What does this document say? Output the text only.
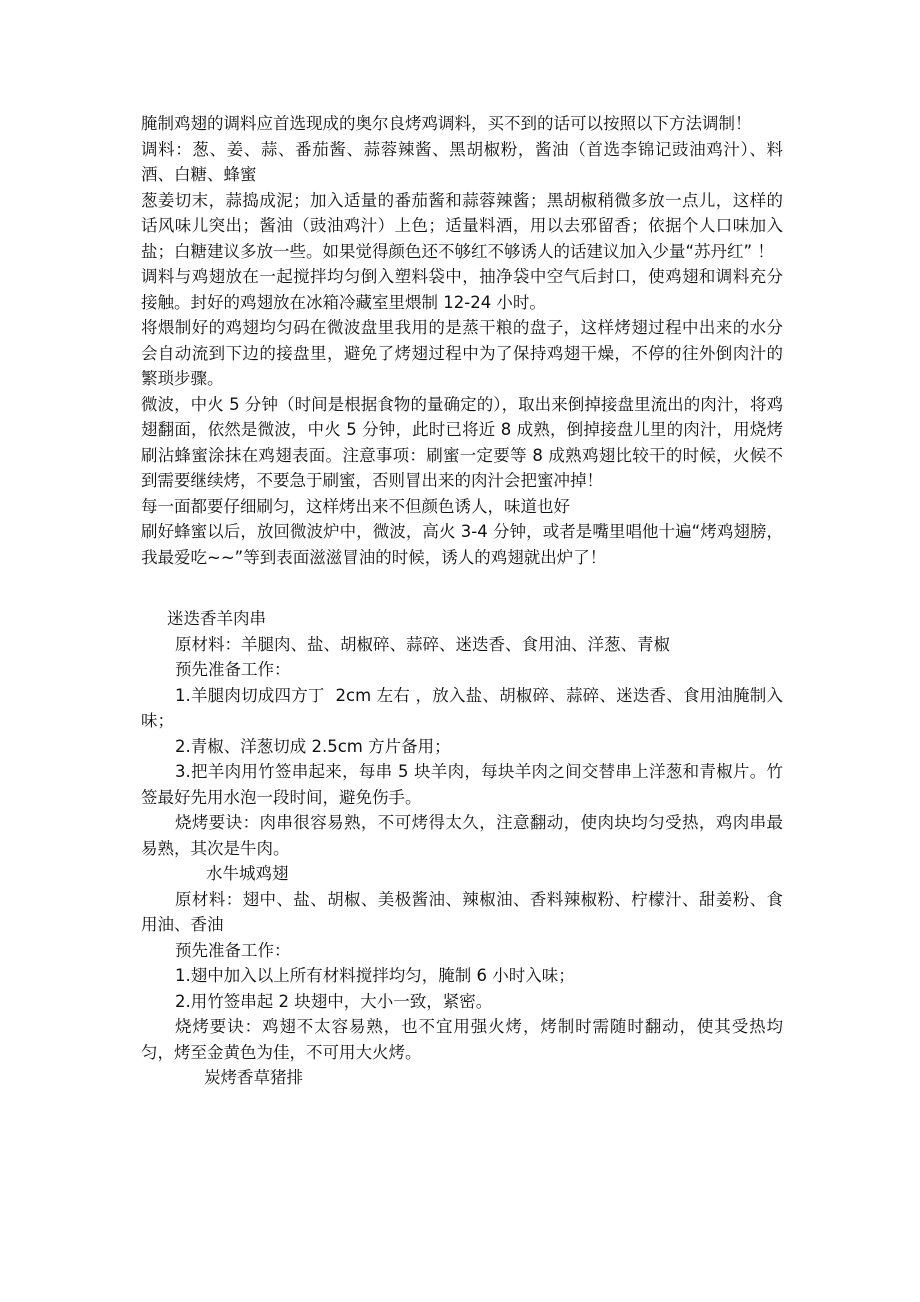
腌制鸡翅的调料应首选现成的奥尔良烤鸡调料，买不到的话可以按照以下方法调制！

调料：葱、姜、蒜、番茄酱、蒜蓉辣酱、黑胡椒粉，酱油（首选李锦记豉油鸡汁）、料酒、白糖、蜂蜜

葱姜切末，蒜捣成泥；加入适量的番茄酱和蒜蓉辣酱；黑胡椒稍微多放一点儿，这样的话风味儿突出；酱油（豉油鸡汁）上色；适量料酒，用以去邪留香；依据个人口味加入盐；白糖建议多放一些。如果觉得颜色还不够红不够诱人的话建议加入少量“苏丹红” ！

调料与鸡翅放在一起搅拌均匀倒入塑料袋中，抽净袋中空气后封口，使鸡翅和调料充分接触。封好的鸡翅放在冰箱冷藏室里煨制 12-24 小时。

将煨制好的鸡翅均匀码在微波盘里我用的是蒸干粮的盘子，这样烤翅过程中出来的水分会自动流到下边的接盘里，避免了烤翅过程中为了保持鸡翅干燥，不停的往外倒肉汁的繁琐步骤。

微波，中火 5 分钟（时间是根据食物的量确定的），取出来倒掉接盘里流出的肉汁，将鸡翅翻面，依然是微波，中火 5 分钟，此时已将近 8 成熟，倒掉接盘儿里的肉汁，用烧烤刷沾蜂蜜涂抹在鸡翅表面。注意事项：刷蜜一定要等 8 成熟鸡翅比较干的时候，火候不到需要继续烤，不要急于刷蜜，否则冒出来的肉汁会把蜜冲掉！

每一面都要仔细刷匀，这样烤出来不但颜色诱人，味道也好

刷好蜂蜜以后，放回微波炉中，微波，高火 3-4 分钟，或者是嘴里唱他十遍“烤鸡翅膀，我最爱吃~~”等到表面滋滋冒油的时候，诱人的鸡翅就出炉了！

迷迭香羊肉串

原材料：羊腿肉、盐、胡椒碎、蒜碎、迷迭香、食用油、洋葱、青椒

预先准备工作：

1.羊腿肉切成四方丁  2cm 左右 ，放入盐、胡椒碎、蒜碎、迷迭香、食用油腌制入味；

2.青椒、洋葱切成 2.5cm 方片备用；

3.把羊肉用竹签串起来，每串 5 块羊肉，每块羊肉之间交替串上洋葱和青椒片。竹签最好先用水泡一段时间，避免伤手。

烧烤要诀：肉串很容易熟，不可烤得太久，注意翻动，使肉块均匀受热，鸡肉串最易熟，其次是牛肉。

水牛城鸡翅

原材料：翅中、盐、胡椒、美极酱油、辣椒油、香料辣椒粉、柠檬汁、甜姜粉、食用油、香油

预先准备工作：

1.翅中加入以上所有材料搅拌均匀，腌制 6 小时入味；

2.用竹签串起 2 块翅中，大小一致，紧密。

烧烤要诀：鸡翅不太容易熟，也不宜用强火烤，烤制时需随时翻动，使其受热均匀，烤至金黄色为佳，不可用大火烤。

炭烤香草猪排
